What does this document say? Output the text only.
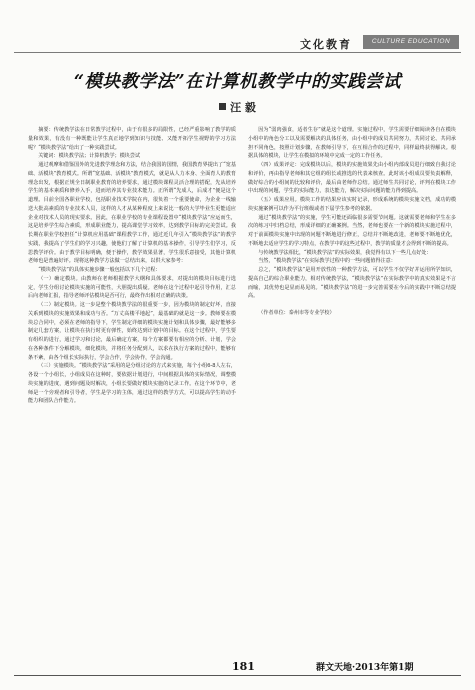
文化教育	CULTURE EDUCATION
“模块教学法”在计算机教学中的实践尝试
汪 毅

摘要：传统教学法在日常教学过程中，由于有很多的局限性，已经严重影响了教学的质量和效果，有没有一种既能让学生真正地学到知识与技能、又能开拓学生视野的学习方法呢？“模块教学法”给出了一种实践尝试。

关键词：模块教学法；计算机教学；模块尝试

通过观摩和借鉴国外的先进教学理念和方法，结合我国的国情，我国教育界提出了“宽基础、活模块”教育模式。所谓“宽基础、活模块”教育模式，就是从人力本身、全面育人的教育理念出发，根据正规全日制职业教育的培养要求，通过模块课程灵活合理的搭配，先从培养学生的基本素质和修养入手，进而培养其专业技术能力。正所谓“先成人，后成才”便是这个道理。目前全国各职业学校，包括职业技术学院在内，很负着一个重要使命，为企业一线输送大批高素质的专业技术人员，这样的人才从某种程度上来说比一般的大学毕业生更能适应企业对技术人员的现实要求。因此，在职业学校的专业课程设置中“模块教学法”应运而生，这是培养学生综合素质，形成职业能力，提高课堂学习效率，达到教学目标的完美尝试。我长期在职业学校担任“计算机应用基础”课程教学工作，通过近几年引入“模块教学法”的教学实践，我提高了学生们的学习兴趣，使他们了解了计算机的基本操作，引导学生们学习，反思教学评价。由于教学目标明确，便于操作，教学效果显著，学生很乐意接受，其他计算机老师也是普遍好评。现将这种教学方法做一总结出来，以供大家参考：

“模块教学法”的具体实施步骤一般包括以下几个过程：

（一）确定模块。由教师在老师根据教学大纲和具体要求，对提出的模块目标进行选定，学生分组讨论模块实施的可能性，大胆提出质疑。老师在这个过程中起引导作用，汇总后向老师汇报，指导老师评估模块是否可行，最终作出相对正确的决策。

（二）制定模块。这一步是整个模块教学法的很重要一步，因为模块的制定好坏，直接关系到模块的实施效果和成功与否。“万丈高楼平地起”，最基础的就是这一步。教师要在模块总合同中，必须在老师的指导下，学生制定详细的模块实施计划和具体步骤，最好能够多制定几套方案，让模块在执行时更有弹性，始终达到计划中的目标。在这个过程中，学生要有组织的进行，通过学习和讨论，最后确定方案，每个方案都要有相应的分析、计划，学会在各种条件下分解模块，细化模块，并将任务分配到人，以求在执行方案的过程中，能够有条不紊，由各个组长实际执行，学会合作，学会协作，学会沟通。

（三）实施模块。“模块教学法”采用的是分组讨论的方式来实施，每个小组6-8人左右，各设一个小组长，小组成员在这种时，要依据计划进行，中间根据具体的实际情况，调整模块实施的进度，遇到问题及时解决，小组长要做好模块实施的记录工作。在这个环节中，老师是一个旁观者和引导者，学生是学习的主体，通过这样的教学方式，可以提高学生的动手能力和团队合作能力。

因为“弱肉强食，适者生存”就是这个道理。实施过程中，学生需要仔细阅读各自在模块小组中的角色分工以及需要解决的具体任务，由小组中的成员共同努力，共同讨论、共同承担不同角色，按照计划步骤，在教师引导下，在互相合作的过程中，同样最终获得解决。根据具体的模块，让学生在模拟的环境中完成一定的工作任务。

（四）成果评定：完成模块以后，模块的实施效果先由小组内部成员进行细致自我讨论和评价，再由指导老师和其它组的组长或推选的代表来核查。此时该小组成员要负责解释，做好综合的小组间的比较和评价，最后由老师作总结。通过师生共同讨论，评判在模块工作中出现的问题，学生的实际能力，表达能力，解决实际问题的能力得到提高。

（五）成果应用。模块工作的结果应该实时记录，形成系统的模块实施文档，成功的模块实施案例可以作为平行班级或者下届学生参考的依据。

通过“模块教学法”的实施，学生可能还面临很多需要节问题。这就需要老师和学生在多次的练习中归档总结，形成详细的正确案例。当然，老师也要在一个新的模块实施过程中，对于前面模块实施中出现的问题不断地进行修正，总结并不断地改进，老师要不断地优化，不断地去适应学生的学习特点，在教学中的这些过程中，教学的质量才会得到不断的提高。

与传统教学法相比，“模块教学法”的实际效果，我觉得有以下一些几点好处：

当然，“模块教学法”在实际教学过程中的一些问题值得注意：

总之，“模块教学法”是用开放性的一种教学方法，可以学生不仅学好并运用所学知识，提高自己的综合职业能力，相对传统教学法，“模块教学法”在实际教学中的真实效果是不言而喻，其优势也是显而易见的。“模块教学法”的进一步完善需要在今后的实践中不断总结提高。

（作者单位：泰州市等专业学校）

181	群文天地·2013年第1期
